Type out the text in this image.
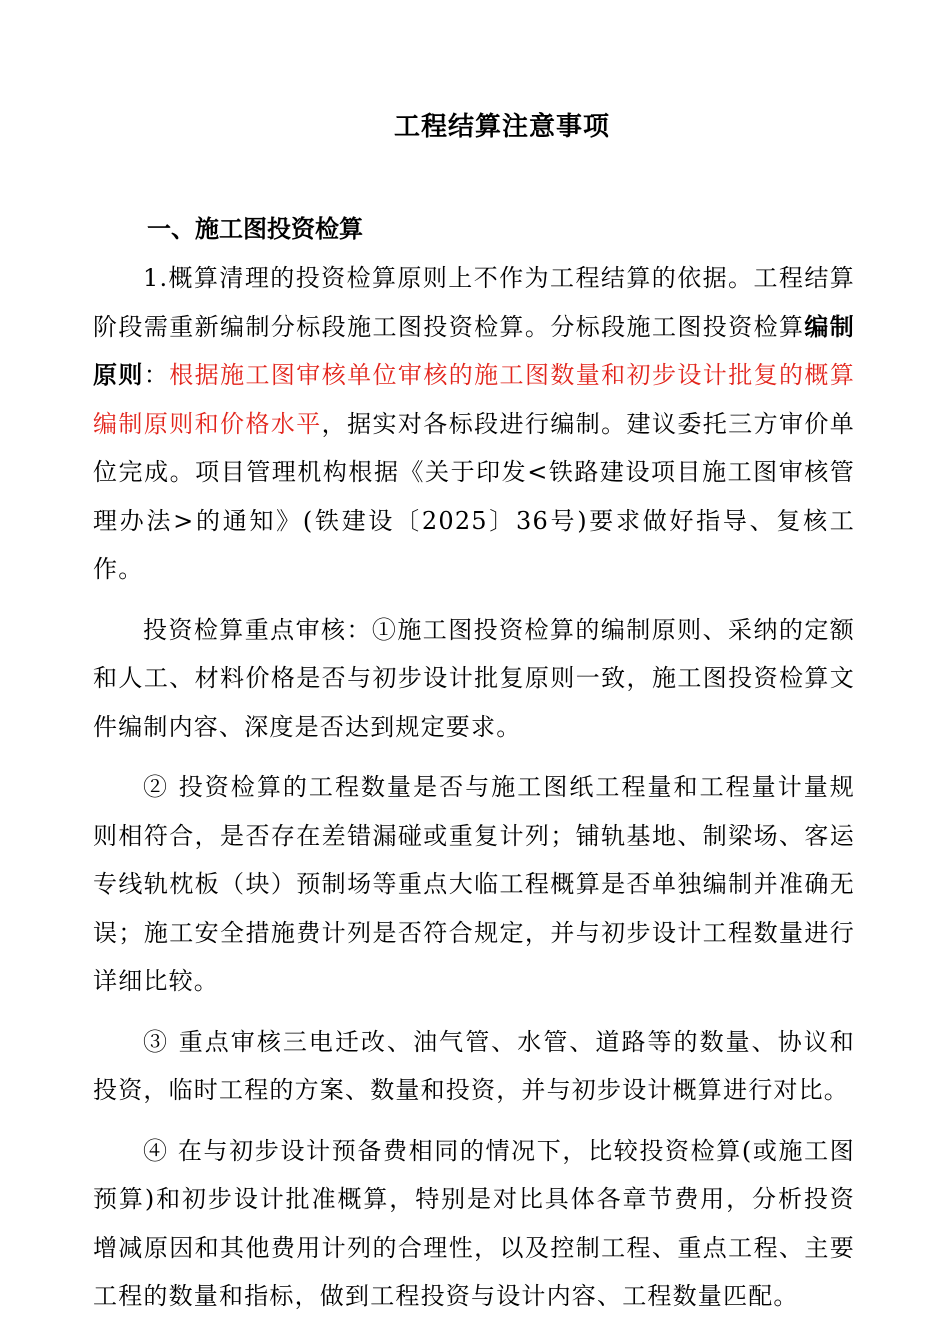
工程结算注意事项
一、施工图投资检算

1.概算清理的投资检算原则上不作为工程结算的依据。工程结算阶段需重新编制分标段施工图投资检算。分标段施工图投资检算编制原则：根据施工图审核单位审核的施工图数量和初步设计批复的概算编制原则和价格水平，据实对各标段进行编制。建议委托三方审价单位完成。项目管理机构根据《关于印发<铁路建设项目施工图审核管理办法>的通知》(铁建设〔2025〕36号)要求做好指导、复核工作。

投资检算重点审核：①施工图投资检算的编制原则、采纳的定额和人工、材料价格是否与初步设计批复原则一致，施工图投资检算文件编制内容、深度是否达到规定要求。

② 投资检算的工程数量是否与施工图纸工程量和工程量计量规则相符合，是否存在差错漏碰或重复计列；铺轨基地、制梁场、客运专线轨枕板（块）预制场等重点大临工程概算是否单独编制并准确无误；施工安全措施费计列是否符合规定，并与初步设计工程数量进行详细比较。

③ 重点审核三电迁改、油气管、水管、道路等的数量、协议和投资，临时工程的方案、数量和投资，并与初步设计概算进行对比。

④ 在与初步设计预备费相同的情况下，比较投资检算(或施工图预算)和初步设计批准概算，特别是对比具体各章节费用，分析投资增减原因和其他费用计列的合理性，以及控制工程、重点工程、主要工程的数量和指标，做到工程投资与设计内容、工程数量匹配。
